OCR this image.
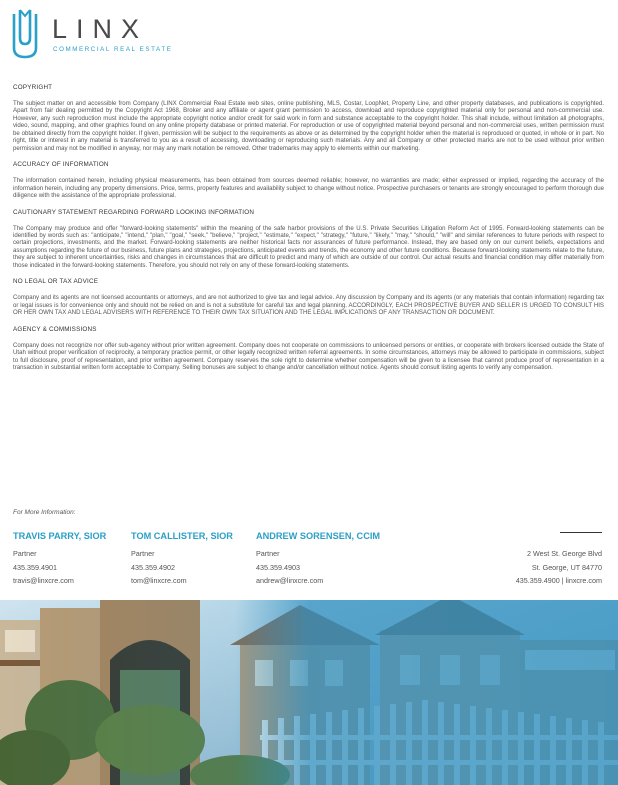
LINX
COMMERCIAL REAL ESTATE
COPYRIGHT
The subject matter on and accessible from Company (LINX Commercial Real Estate web sites, online publishing, MLS, Costar, LoopNet, Property Line, and other property databases, and publications is copyrighted. Apart from fair dealing permitted by the Copyright Act 1968, Broker and any affiliate or agent grant permission to access, download and reproduce copyrighted material only for personal and non-commercial use. However, any such reproduction must include the appropriate copyright notice and/or credit for said work in form and substance acceptable to the copyright holder. This shall include, without limitation all photographs, video, sound, mapping, and other graphics found on any online property database or printed material. For reproduction or use of copyrighted material beyond personal and non-commercial uses, written permission must be obtained directly from the copyright holder. If given, permission will be subject to the requirements as above or as determined by the copyright holder when the material is reproduced or quoted, in whole or in part. No right, title or interest in any material is transferred to you as a result of accessing, downloading or reproducing such materials. Any and all Company or other protected marks are not to be used without prior written permission and may not be modified in anyway, nor may any mark notation be removed. Other trademarks may apply to elements within our marketing.
ACCURACY OF INFORMATION
The information contained herein, including physical measurements, has been obtained from sources deemed reliable; however, no warranties are made; either expressed or implied, regarding the accuracy of the information herein, including any property dimensions. Price, terms, property features and availability subject to change without notice. Prospective purchasers or tenants are strongly encouraged to perform thorough due diligence with the assistance of the appropriate professional.
CAUTIONARY STATEMENT REGARDING FORWARD LOOKING INFORMATION
The Company may produce and offer "forward-looking statements" within the meaning of the safe harbor provisions of the U.S. Private Securities Litigation Reform Act of 1995. Forward-looking statements can be identified by words such as: "anticipate," "intend," "plan," "goal," "seek," "believe," "project," "estimate," "expect," "strategy," "future," "likely," "may," "should," "will" and similar references to future periods with respect to certain projections, investments, and the market. Forward-looking statements are neither historical facts nor assurances of future performance. Instead, they are based only on our current beliefs, expectations and assumptions regarding the future of our business, future plans and strategies, projections, anticipated events and trends, the economy and other future conditions. Because forward-looking statements relate to the future, they are subject to inherent uncertainties, risks and changes in circumstances that are difficult to predict and many of which are outside of our control. Our actual results and financial condition may differ materially from those indicated in the forward-looking statements. Therefore, you should not rely on any of these forward-looking statements.
NO LEGAL OR TAX ADVICE
Company and its agents are not licensed accountants or attorneys, and are not authorized to give tax and legal advice. Any discussion by Company and its agents (or any materials that contain information) regarding tax or legal issues is for convenience only and should not be relied on and is not a substitute for careful tax and legal planning. ACCORDINGLY, EACH PROSPECTIVE BUYER AND SELLER IS URGED TO CONSULT HIS OR HER OWN TAX AND LEGAL ADVISERS WITH REFERENCE TO THEIR OWN TAX SITUATION AND THE LEGAL IMPLICATIONS OF ANY TRANSACTION OR DOCUMENT.
AGENCY & COMMISSIONS
Company does not recognize nor offer sub-agency without prior written agreement. Company does not cooperate on commissions to unlicensed persons or entities, or cooperate with brokers licensed outside the State of Utah without proper verification of reciprocity, a temporary practice permit, or other legally recognized written referral agreements. In some circumstances, attorneys may be allowed to participate in commissions, subject to full disclosure, proof of representation, and prior written agreement. Company reserves the sole right to determine whether compensation will be given to a licensee that cannot produce proof of representation in a transaction in substantial written form acceptable to Company. Selling bonuses are subject to change and/or cancellation without notice. Agents should consult listing agents to verify any compensation.
For More Information:
TRAVIS PARRY, SIOR
Partner
435.359.4901
travis@linxcre.com
TOM CALLISTER, SIOR
Partner
435.359.4902
tom@linxcre.com
ANDREW SORENSEN, CCIM
Partner
435.359.4903
andrew@linxcre.com
2 West St. George Blvd
St. George, UT 84770
435.359.4900 | linxcre.com
